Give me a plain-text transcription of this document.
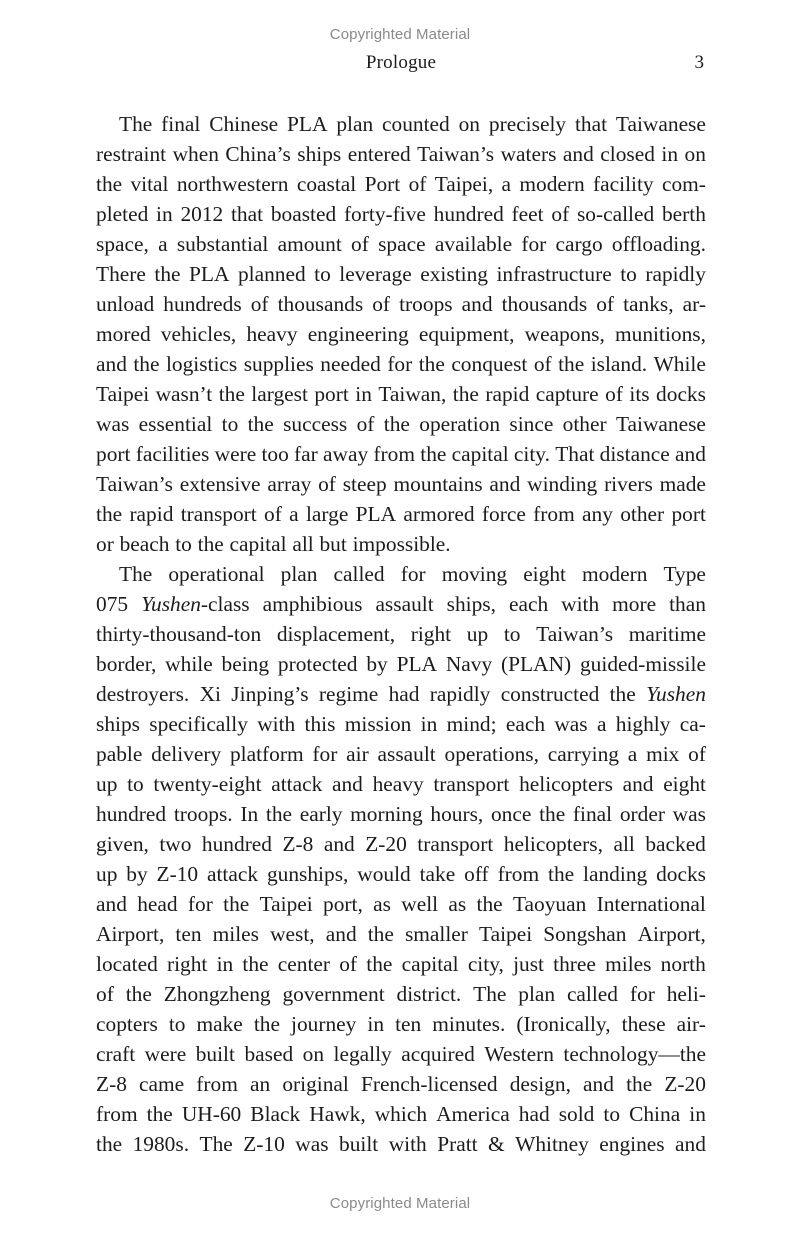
Copyrighted Material
Prologue	3
The final Chinese PLA plan counted on precisely that Taiwanese
restraint when China’s ships entered Taiwan’s waters and closed in on
the vital northwestern coastal Port of Taipei, a modern facility com-
pleted in 2012 that boasted forty-five hundred feet of so-called berth
space, a substantial amount of space available for cargo offloading.
There the PLA planned to leverage existing infrastructure to rapidly
unload hundreds of thousands of troops and thousands of tanks, ar-
mored vehicles, heavy engineering equipment, weapons, munitions,
and the logistics supplies needed for the conquest of the island. While
Taipei wasn’t the largest port in Taiwan, the rapid capture of its docks
was essential to the success of the operation since other Taiwanese
port facilities were too far away from the capital city. That distance and
Taiwan’s extensive array of steep mountains and winding rivers made
the rapid transport of a large PLA armored force from any other port
or beach to the capital all but impossible.
The operational plan called for moving eight modern Type
075 Yushen-class amphibious assault ships, each with more than
thirty-thousand-ton displacement, right up to Taiwan’s maritime
border, while being protected by PLA Navy (PLAN) guided-missile
destroyers. Xi Jinping’s regime had rapidly constructed the Yushen
ships specifically with this mission in mind; each was a highly ca-
pable delivery platform for air assault operations, carrying a mix of
up to twenty-eight attack and heavy transport helicopters and eight
hundred troops. In the early morning hours, once the final order was
given, two hundred Z-8 and Z-20 transport helicopters, all backed
up by Z-10 attack gunships, would take off from the landing docks
and head for the Taipei port, as well as the Taoyuan International
Airport, ten miles west, and the smaller Taipei Songshan Airport,
located right in the center of the capital city, just three miles north
of the Zhongzheng government district. The plan called for heli-
copters to make the journey in ten minutes. (Ironically, these air-
craft were built based on legally acquired Western technology—the
Z-8 came from an original French-licensed design, and the Z-20
from the UH-60 Black Hawk, which America had sold to China in
the 1980s. The Z-10 was built with Pratt & Whitney engines and
Copyrighted Material
